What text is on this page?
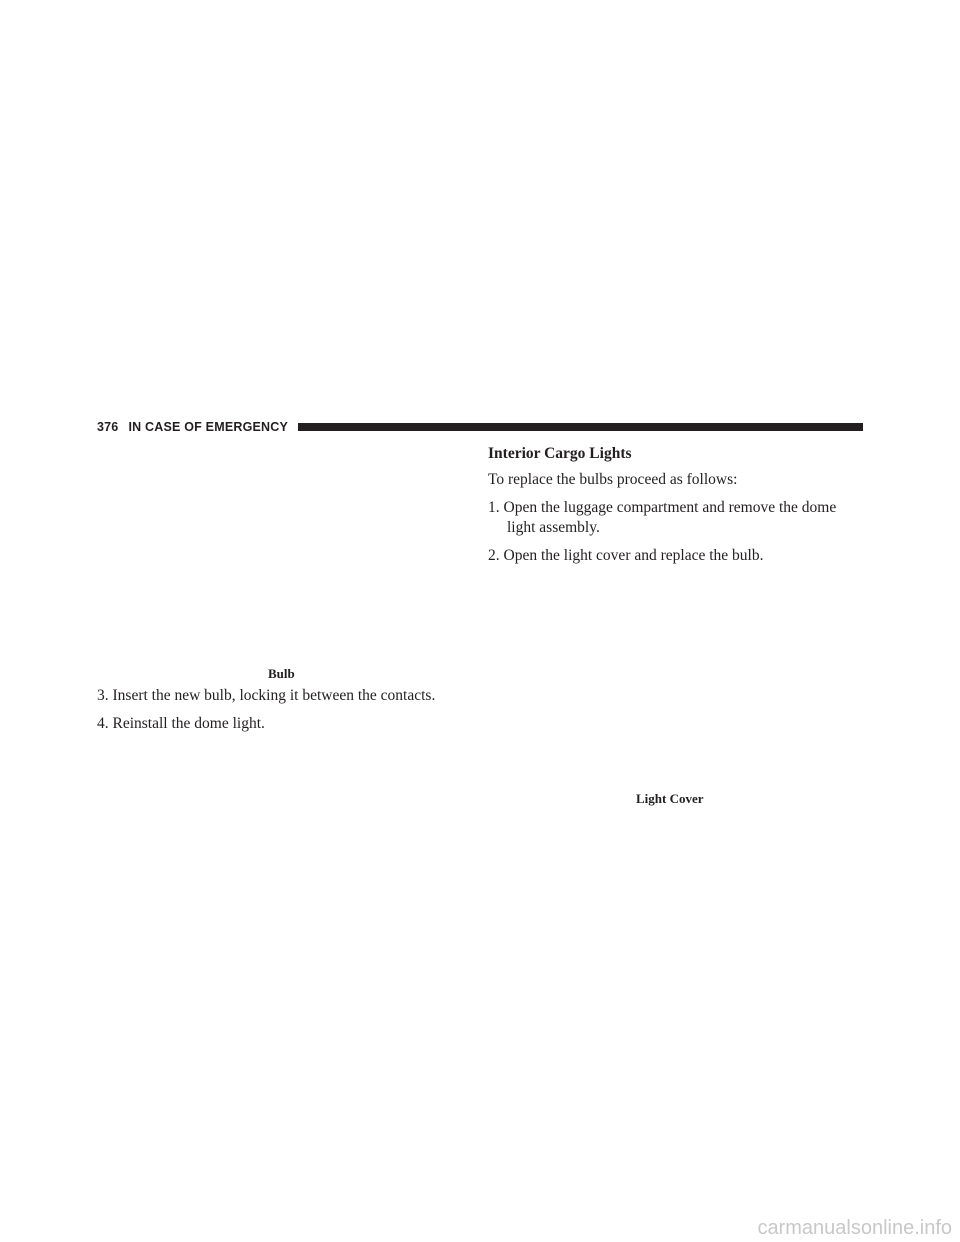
376 IN CASE OF EMERGENCY
Bulb
3. Insert the new bulb, locking it between the contacts.
4. Reinstall the dome light.
Interior Cargo Lights
To replace the bulbs proceed as follows:
1. Open the luggage compartment and remove the dome
light assembly.
2. Open the light cover and replace the bulb.
Light Cover
carmanualsonline.info
